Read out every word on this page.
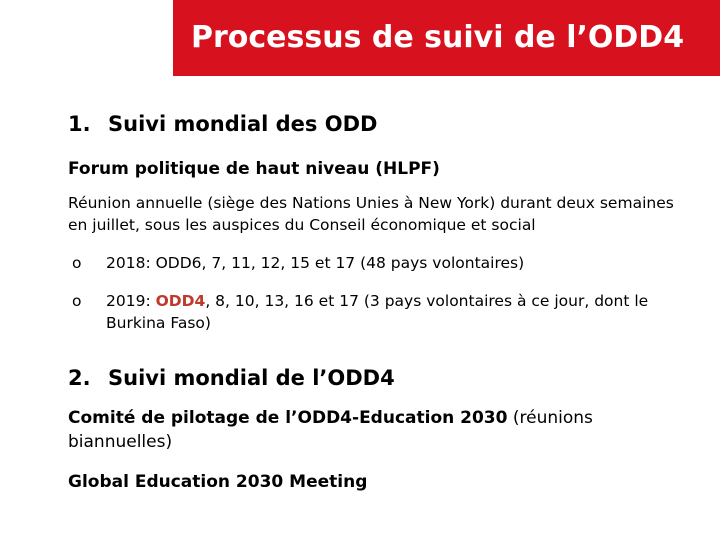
Processus de suivi de l’ODD4
1. Suivi mondial des ODD

Forum politique de haut niveau (HLPF)

Réunion annuelle (siège des Nations Unies à New York) durant deux semaines en juillet, sous les auspices du Conseil économique et social

o	2018: ODD6, 7, 11, 12, 15 et 17 (48 pays volontaires)
o	2019: ODD4, 8, 10, 13, 16 et 17 (3 pays volontaires à ce jour, dont le Burkina Faso)
2. Suivi mondial de l’ODD4

Comité de pilotage de l’ODD4-Education 2030 (réunions biannuelles)

Global Education 2030 Meeting
